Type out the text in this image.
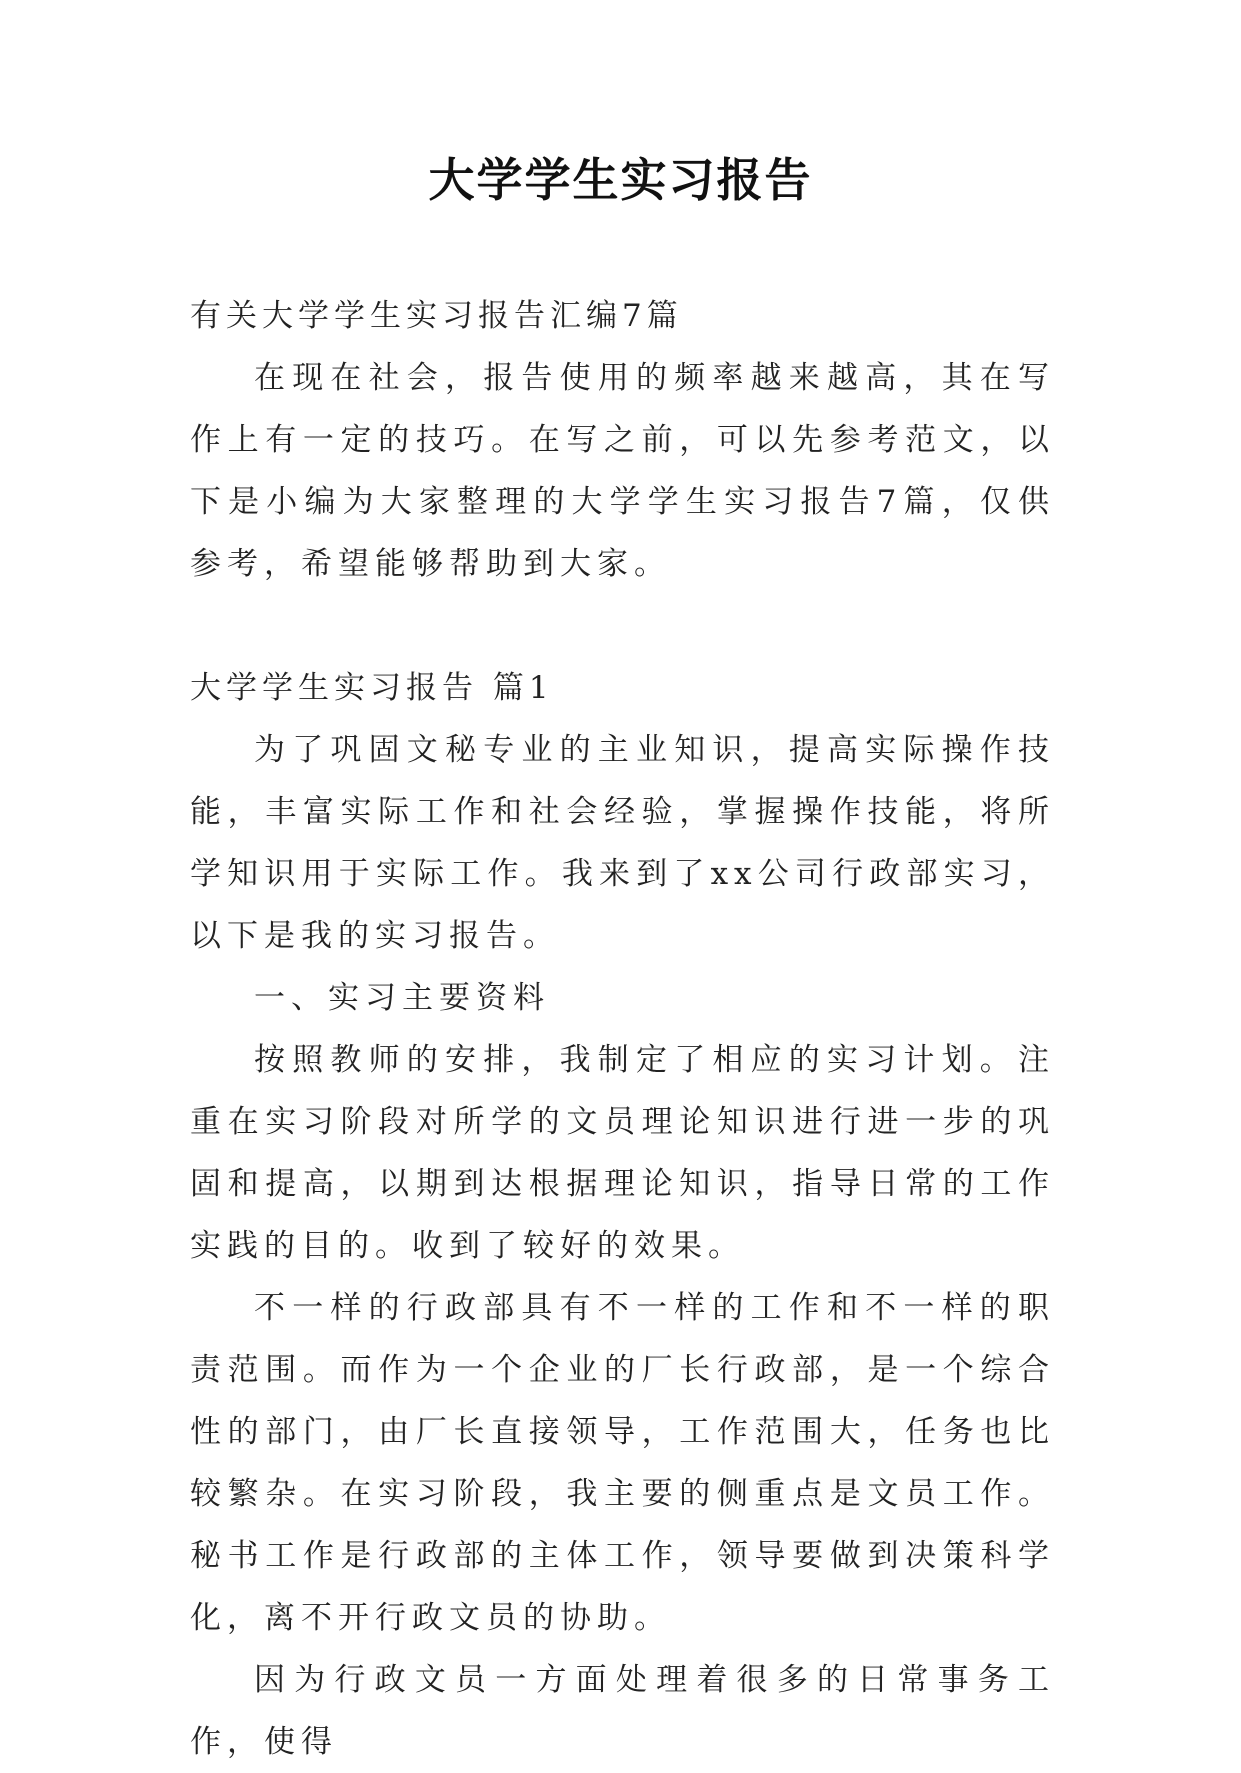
大学学生实习报告

有关大学学生实习报告汇编7篇

在现在社会，报告使用的频率越来越高，其在写作上有一定的技巧。在写之前，可以先参考范文，以下是小编为大家整理的大学学生实习报告7篇，仅供参考，希望能够帮助到大家。

大学学生实习报告 篇1

为了巩固文秘专业的主业知识，提高实际操作技能，丰富实际工作和社会经验，掌握操作技能，将所学知识用于实际工作。我来到了xx公司行政部实习，以下是我的实习报告。

一、实习主要资料

按照教师的安排，我制定了相应的实习计划。注重在实习阶段对所学的文员理论知识进行进一步的巩固和提高，以期到达根据理论知识，指导日常的工作实践的目的。收到了较好的效果。

不一样的行政部具有不一样的工作和不一样的职责范围。而作为一个企业的厂长行政部，是一个综合性的部门，由厂长直接领导，工作范围大，任务也比较繁杂。在实习阶段，我主要的侧重点是文员工作。秘书工作是行政部的主体工作，领导要做到决策科学化，离不开行政文员的协助。

因为行政文员一方面处理着很多的日常事务工作，使得
